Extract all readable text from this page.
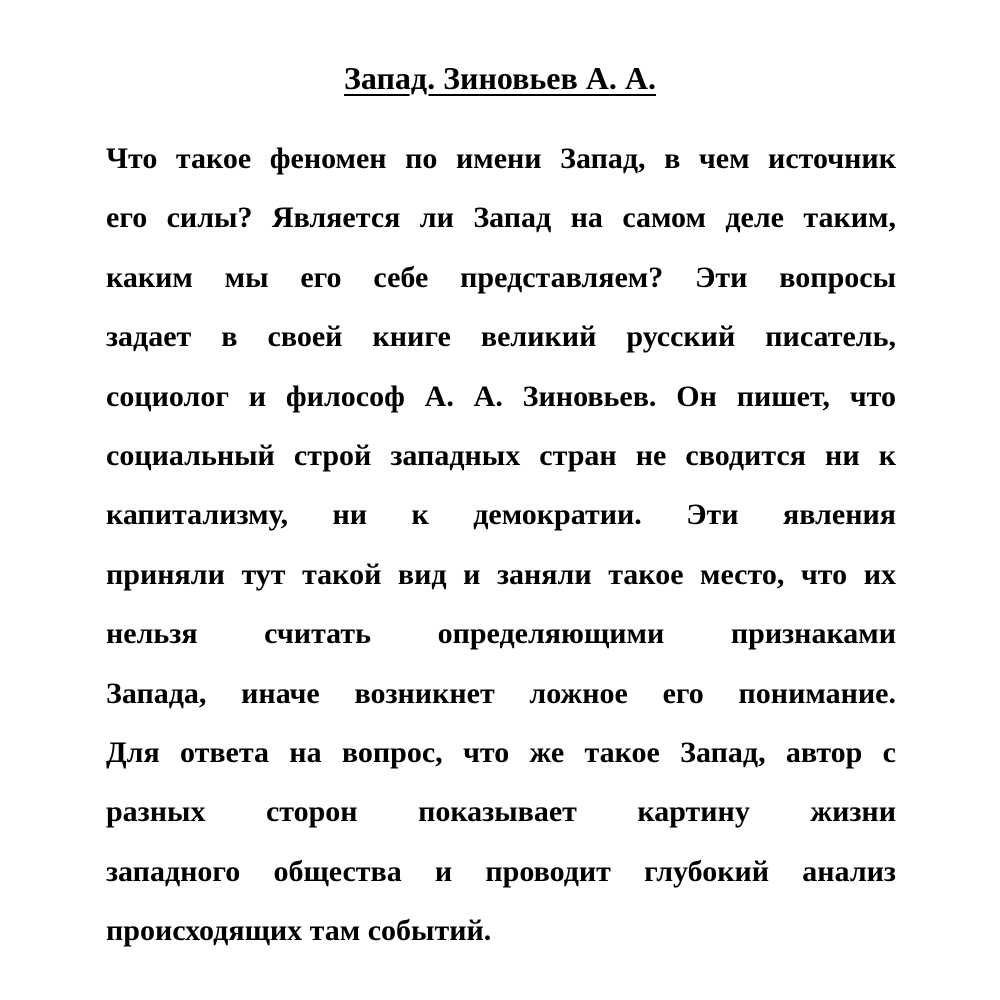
Запад. Зиновьев А. А.
Что такое феномен по имени Запад, в чем источник
его силы? Является ли Запад на самом деле таким,
каким мы его себе представляем? Эти вопросы
задает в своей книге великий русский писатель,
социолог и философ А. А. Зиновьев. Он пишет, что
социальный строй западных стран не сводится ни к
капитализму, ни к демократии. Эти явления
приняли тут такой вид и заняли такое место, что их
нельзя считать определяющими признаками
Запада, иначе возникнет ложное его понимание.
Для ответа на вопрос, что же такое Запад, автор с
разных сторон показывает картину жизни
западного общества и проводит глубокий анализ
происходящих там событий.
